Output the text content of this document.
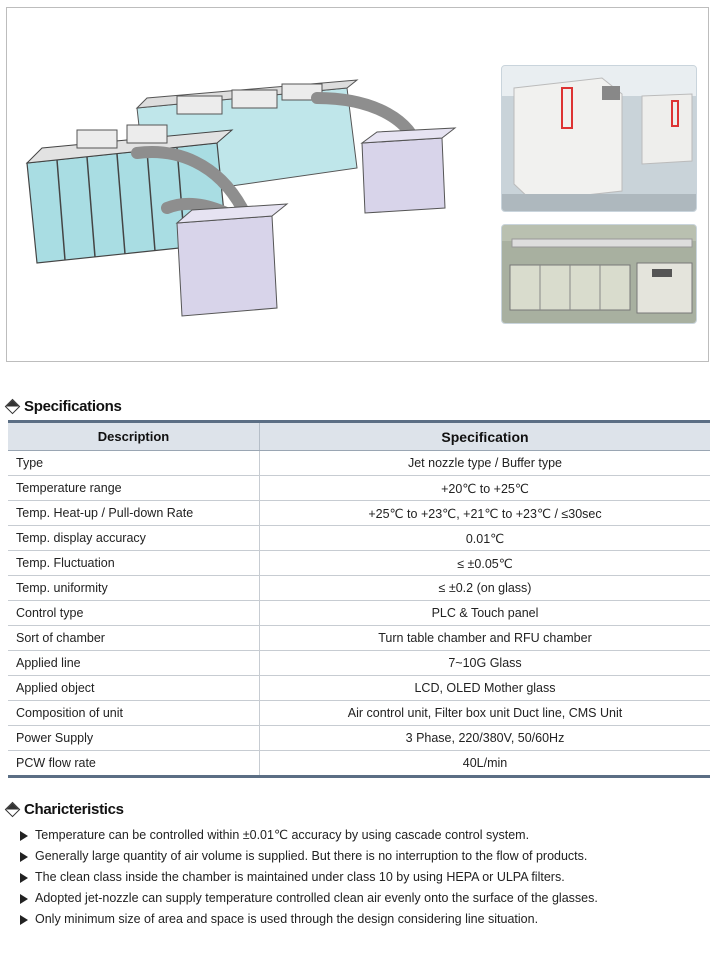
Specifications
Description	Specification
Type	Jet nozzle type / Buffer type
Temperature range	+20℃ to +25℃
Temp. Heat-up / Pull-down Rate	+25℃ to +23℃, +21℃ to +23℃ / ≤30sec
Temp. display accuracy	0.01℃
Temp. Fluctuation	≤ ±0.05℃
Temp. uniformity	≤ ±0.2 (on glass)
Control type	PLC & Touch panel
Sort of chamber	Turn table chamber and RFU chamber
Applied line	7~10G Glass
Applied object	LCD, OLED Mother glass
Composition of unit	Air control unit, Filter box unit Duct line, CMS Unit
Power Supply	3 Phase, 220/380V, 50/60Hz
PCW flow rate	40L/min
Charicteristics
Temperature can be controlled within ±0.01℃ accuracy by using cascade control system.
Generally large quantity of air volume is supplied. But there is no interruption to the flow of products.
The clean class inside the chamber is maintained under class 10 by using HEPA or ULPA filters.
Adopted jet-nozzle can supply temperature controlled clean air evenly onto the surface of the glasses.
Only minimum size of area and space is used through the design considering line situation.
